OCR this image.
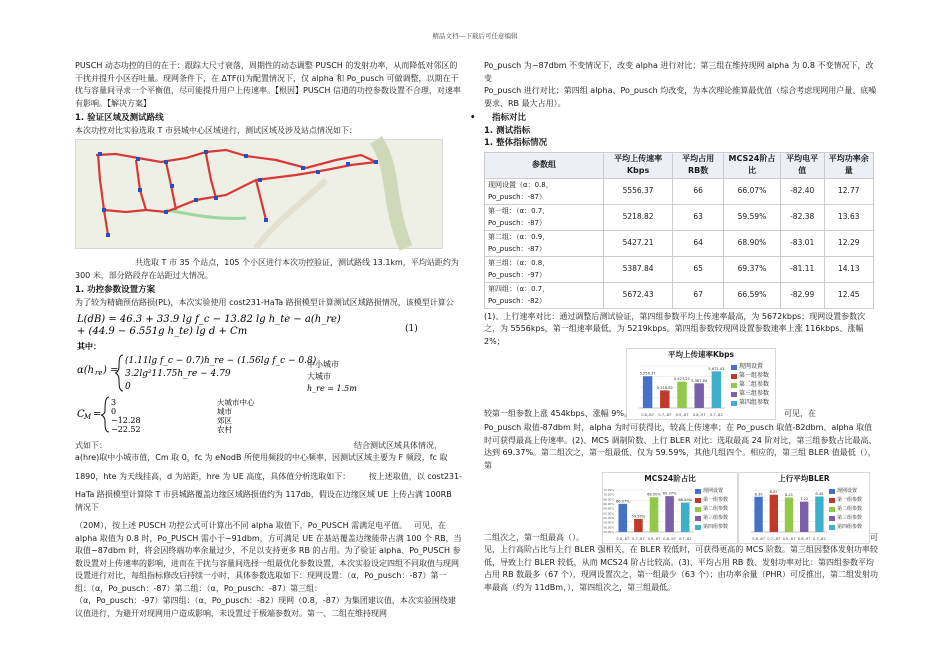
精品文档---下载后可任意编辑

PUSCH 动态功控的目的在于：跟踪大尺寸衰落，周期性的动态调整 PUSCH 的发射功率，从而降低对邻区的干扰并提升小区吞吐量。现网条件下，在 ΔTF(i)为配置情况下，仅 alpha 和 Po_pusch 可做调整，以期在干扰与容量间寻求一个平衡值，尽可能提升用户上传速率。【根因】PUSCH 信道的功控参数设置不合理，对速率有影响。【解决方案】

1. 验证区域及测试路线

本次功控对比实验选取 T 市县城中心区域进行，测试区域及涉及站点情况如下：

共选取 T 市 35 个站点，105 个小区进行本次功控验证，测试路线 13.1km，平均站距约为

300 米，部分路段存在站距过大情况。

1. 功控参数设置方案

为了较为精确预估路损(PL)，本次实验使用 cost231-HaTa 路损模型计算测试区域路损情况，该模型计算公

L(dB) = 46.3 + 33.9 lg f_c − 13.82 lg h_te − a(h_re)
(1)
+ (44.9 − 6.551g h_te) lg d + Cm
其中：
α(h re ) =
(1.11lg f_c − 0.7)h_re − (1.56lg f_c − 0.8)
3.2lg²11.75h_re − 4.79
0
中小城市
大城市
h_re = 1.5m
C M =
3
0
−12.28
−22.52
大城市中心
城市
郊区
农村

式如下：	结合测试区域具体情况，

a(hre)取中小城市值，Cm 取 0，fc 为 eNodB 所使用频段的中心频率，因测试区域主要为 F 频段，fc 取

1890，hte 为天线挂高，d 为站距，hre 为 UE 高度，具体值分析选取如下： 按上述取值，以 cost231-

HaTa 路损模型计算除 T 市县城路覆盖边缘区域路损值约为 117db，假设在边缘区域 UE 上传占满 100RB 情况下

（20M），按上述 PUSCH 功控公式可计算出不同 alpha 取值下，Po_PUSCH 需满足电平值。 可见，在

alpha 取值为 0.8 时，Po_PUSCH 需小于−91dbm，方可满足 UE 在基站覆盖边缘能带占满 100 个 RB，当取值−87dbm 时，将会因终端功率余量过少，不足以支持更多 RB 的占用。为了验证 alpha、Po_PUSCH 参数设置对上传速率的影响，进而在干扰与容量间选择一组最优化参数设置，本次实验设定四组不同取值与现网设置进行对比，每组指标修改后持续一小时，具体参数选取如下：现网设置：（α，Po_pusch：-87）第一组：（α，Po_pusch：-87）第二组：（α，Po_pusch：-87）第三组：

（α，Po_pusch：-97）第四组：（α，Po_pusch：-82）现网（0.8，-87）为集团建议值，本次实验围绕建议值进行，为避开对现网用户造成影响，未设置过于极端参数对。第一、二组在维持现网

Po_pusch 为−87dbm 不变情况下，改变 alpha 进行对比；第三组在维持现网 alpha 为 0.8 不变情况下，改变

Po_pusch 进行对比；第四组 alpha、Po_pusch 均改变，为本次理论推算最优值（综合考虑现网用户量、底噪

要求、RB 最大占用）。

• 指标对比

1. 测试指标

1. 整体指标情况

参数组	平均上传速率Kbps	平均占用RB数	MCS24阶占比	平均电平值	平均功率余量
现网设置（α：0.8，Po_pusch：-87）	5556.37	66	66.07%	-82.40	12.77
第一组：（α：0.7，Po_pusch：-87）	5218.82	63	59.59%	-82.38	13.63
第二组：（α：0.9，Po_pusch：-87）	5427.21	64	68.90%	-83.01	12.29
第三组：（α：0.8，Po_pusch：-97）	5387.84	65	69.37%	-81.11	14.13
第四组：（α：0.7，Po_pusch：-82）	5672.43	67	66.59%	-82.99	12.45

(1)、上行速率对比：通过调整后测试验证，第四组参数平均上传速率最高，为 5672kbps；现网设置参数次之，为 5556kps，第一组速率最低，为 5219kbps。第四组参数较现网设置参数速率上涨 116kbps、涨幅 2%；

平均上传速率Kbps
5,556.37
0.8,-87
5,218.82
0.7,-87
5,427.21
0.9,-87
5,387.84
0.8,-97
5,672.43
0.7,-82
现网设置
第一组参数
第二组参数
第三组参数
第四组参数

较第一组参数上涨 454kbps、涨幅 9%。	可见，在

Po_pusch 取值-87dbm 时，alpha 为时可获得比，较高上传速率；在 Po_pusch 取值-82dbm、alpha 取值时可获得最高上传速率。(2)、MCS 调制阶数、上行 BLER 对比：选取最高 24 阶对比，第三组参数占比最高、达到 69.37%。第二组次之，第一组最低、仅为 59.59%，其他几组四个。相应的，第三组 BLER 值最低（），第

MCS24阶占比
66.07%
0.8,-87
59.59%
0.7,-87
68.90%
0.9,-87
69.37%
0.8,-97
66.59%
0.7,-82
54.00%
56.00%
58.00%
60.00%
62.00%
64.00%
66.00%
68.00%
70.00%
72.00%	现网设置
第一组参数
第二组参数
第三组参数
第四组参数
上行平均BLER
8.39
0.8,-87
8.87
0.7,-87
8.21
0.9,-87
7.22
0.8,-97
8.45
0.7,-82
现网设置
第一组参数
第二组参数
第三组参数
第四组参数

二组次之，第一组最高（）。	可

见，上行高阶占比与上行 BLER 强相关，在 BLER 较低时，可获得更高的 MCS 阶数。第三组因整体发射功率较低，导致上行 BLER 较低，从而 MCS24 阶占比较高。(3)、平均占用 RB 数、发射功率对比：第四组参数平均占用 RB 数最多（67 个），现网设置次之，第一组最少（63 个）；由功率余量（PHR）可反推出，第二组发射功率最高（约为 11dBm，），第四组次之，第三组最低。
